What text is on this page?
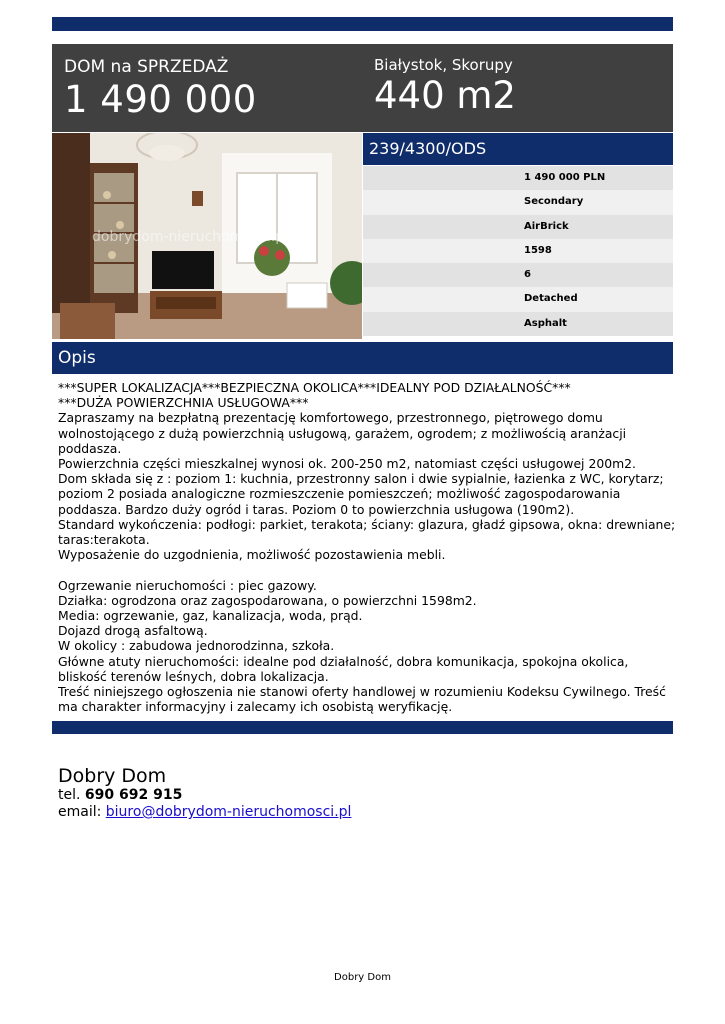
DOM na SPRZEDAŻ
1 490 000
Białystok, Skorupy
440 m2
dobrydom-nieruchomosci.pl
239/4300/ODS
1 490 000 PLN
Secondary
AirBrick
1598
6
Detached
Asphalt
Opis
***SUPER LOKALIZACJA***BEZPIECZNA OKOLICA***IDEALNY POD DZIAŁALNOŚĆ***
***DUŻA POWIERZCHNIA USŁUGOWA***
Zapraszamy na bezpłatną prezentację komfortowego, przestronnego, piętrowego domu
wolnostojącego z dużą powierzchnią usługową, garażem, ogrodem; z możliwością aranżacji
poddasza.
Powierzchnia części mieszkalnej wynosi ok. 200-250 m2, natomiast części usługowej 200m2.
Dom składa się z : poziom 1: kuchnia, przestronny salon i dwie sypialnie, łazienka z WC, korytarz;
poziom 2 posiada analogiczne rozmieszczenie pomieszczeń; możliwość zagospodarowania
poddasza. Bardzo duży ogród i taras. Poziom 0 to powierzchnia usługowa (190m2).
Standard wykończenia: podłogi: parkiet, terakota; ściany: glazura, gładź gipsowa, okna: drewniane;
taras:terakota.
Wyposażenie do uzgodnienia, możliwość pozostawienia mebli.
Ogrzewanie nieruchomości : piec gazowy.
Działka: ogrodzona oraz zagospodarowana, o powierzchni 1598m2.
Media: ogrzewanie, gaz, kanalizacja, woda, prąd.
Dojazd drogą asfaltową.
W okolicy : zabudowa jednorodzinna, szkoła.
Główne atuty nieruchomości: idealne pod działalność, dobra komunikacja, spokojna okolica,
bliskość terenów leśnych, dobra lokalizacja.
Treść niniejszego ogłoszenia nie stanowi oferty handlowej w rozumieniu Kodeksu Cywilnego. Treść
ma charakter informacyjny i zalecamy ich osobistą weryfikację.
Dobry Dom
tel. 690 692 915
email: biuro@dobrydom-nieruchomosci.pl
Dobry Dom
